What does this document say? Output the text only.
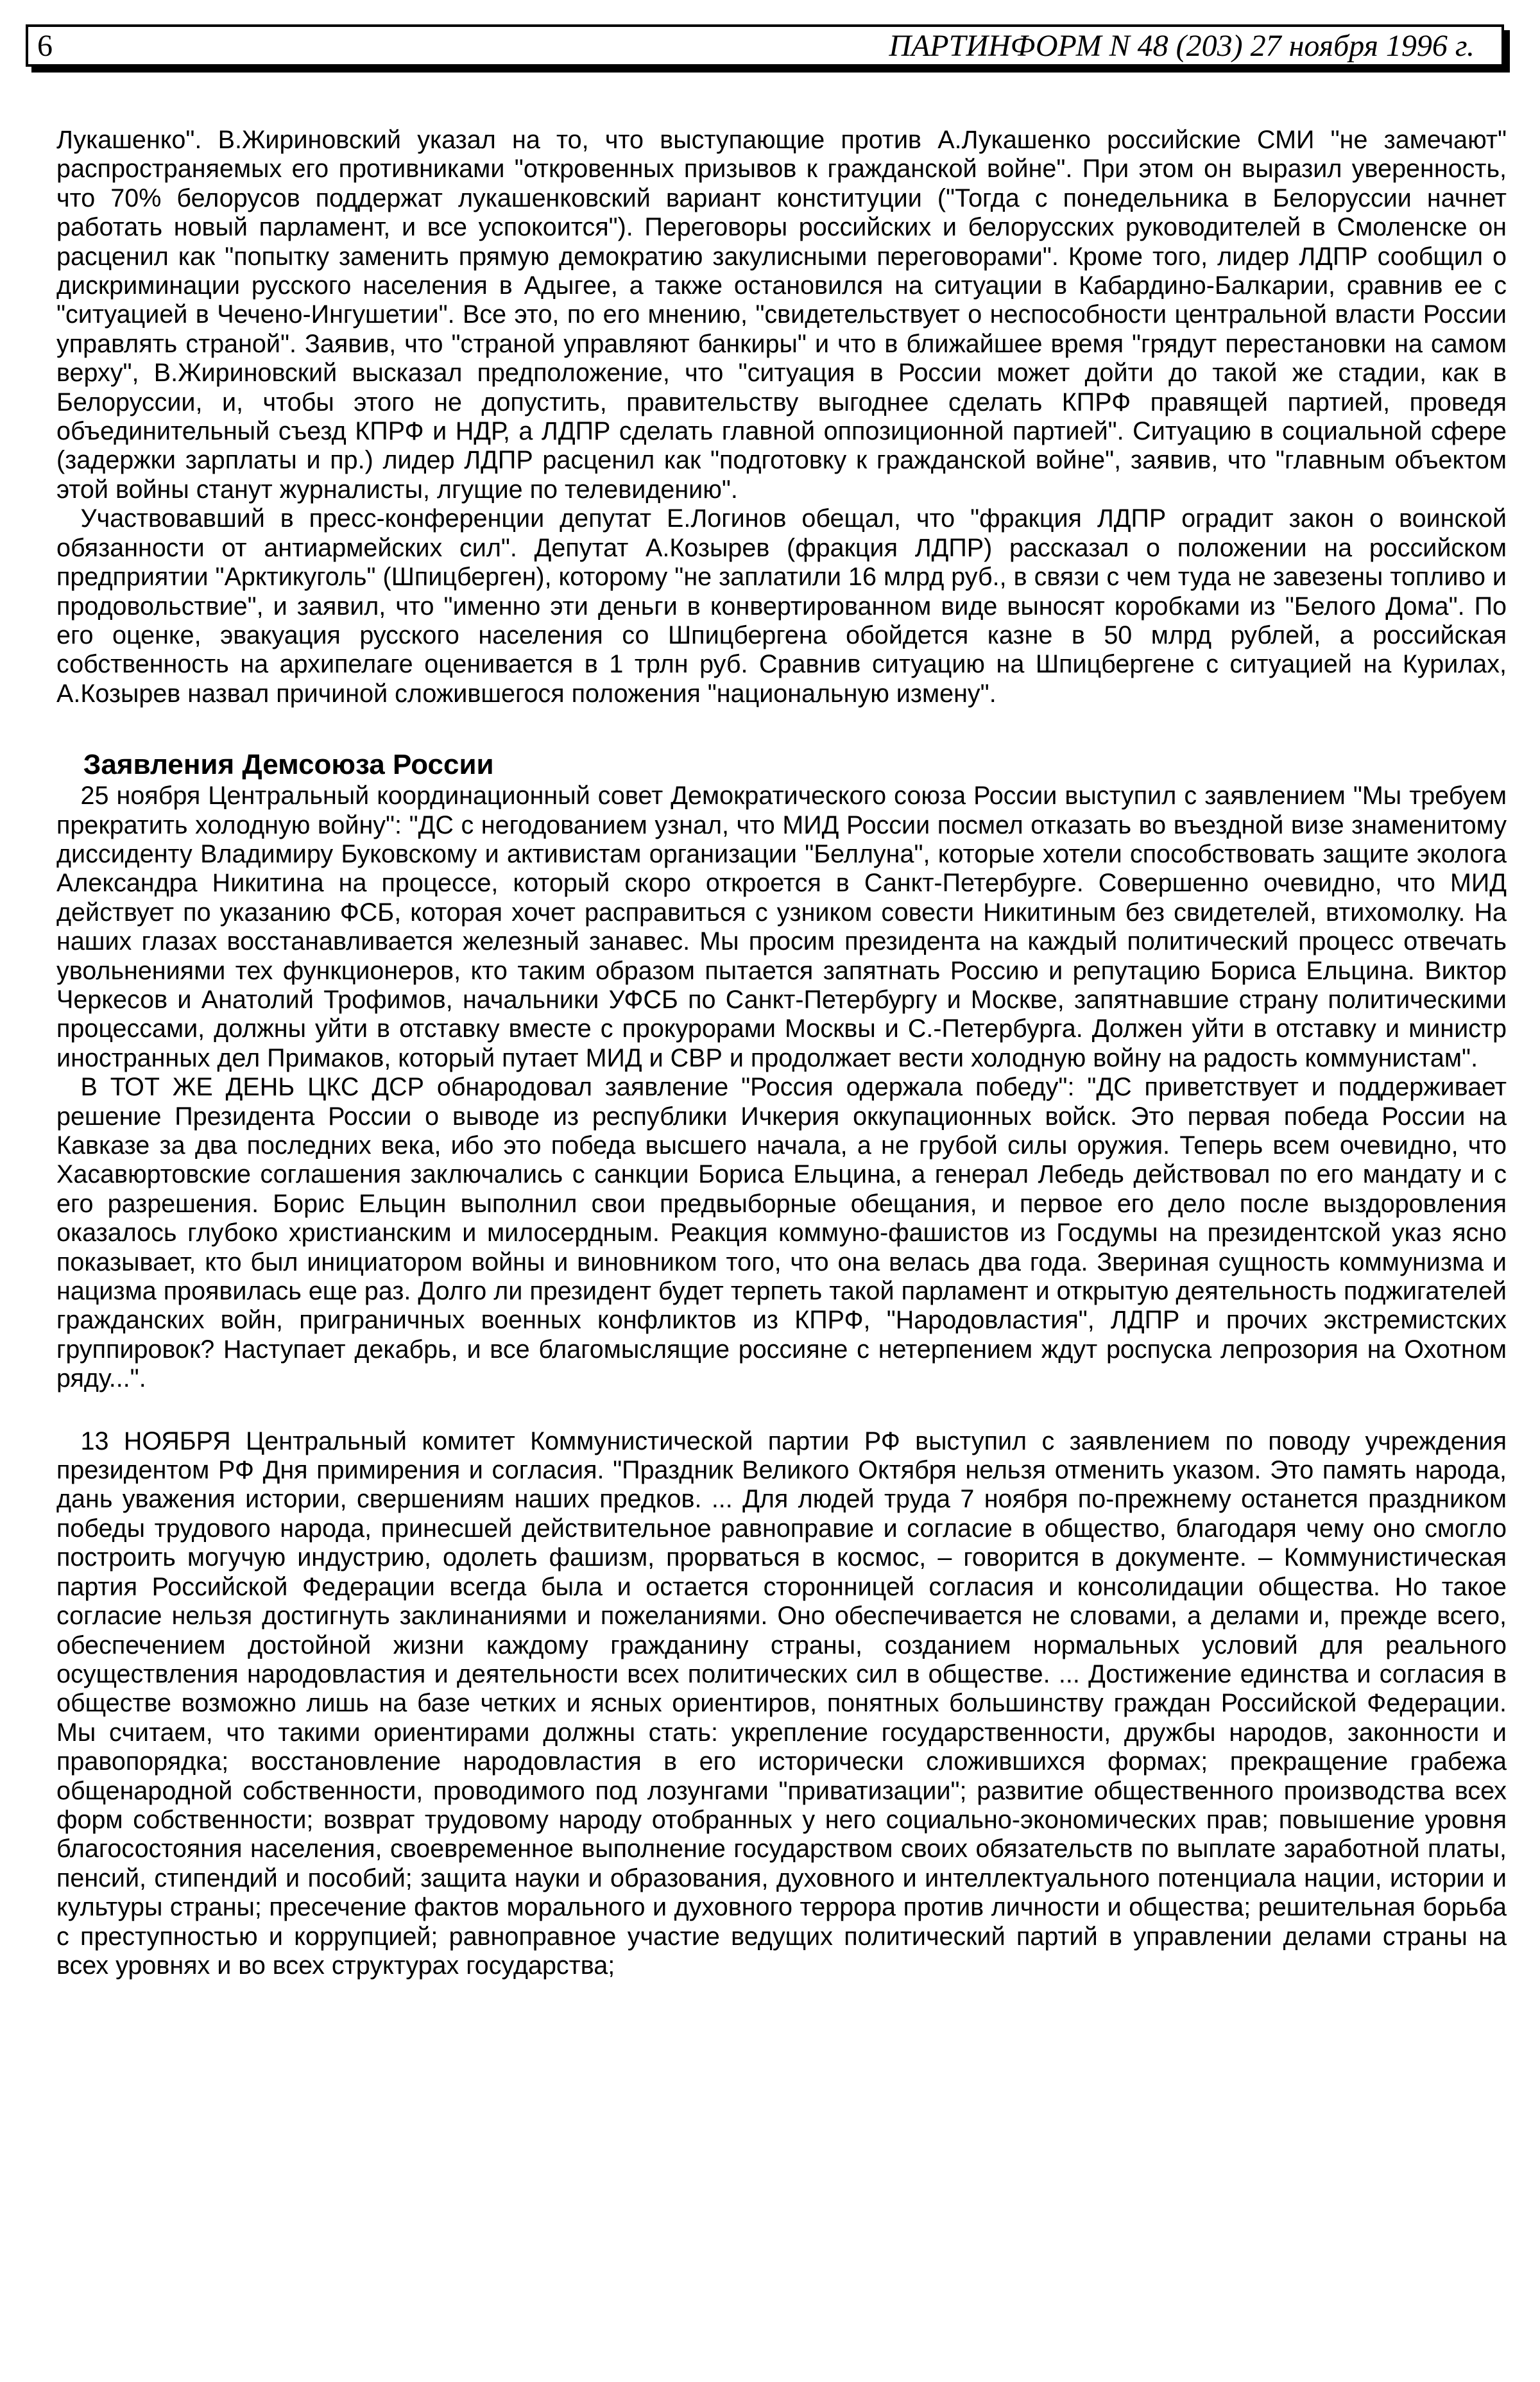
6	ПАРТИНФОРМ N 48 (203) 27 ноября 1996 г.

Лукашенко". В.Жириновский указал на то, что выступающие против А.Лукашенко российские СМИ "не замечают" распространяемых его противниками "откровенных призывов к гражданской войне". При этом он выразил уверенность, что 70% белорусов поддержат лукашенковский вариант конституции ("Тогда с понедельника в Белоруссии начнет работать новый парламент, и все успокоится"). Переговоры российских и белорусских руководителей в Смоленске он расценил как "попытку заменить прямую демократию закулисными переговорами". Кроме того, лидер ЛДПР сообщил о дискриминации русского населения в Адыгее, а также остановился на ситуации в Кабардино-Балкарии, сравнив ее с "ситуацией в Чечено-Ингушетии". Все это, по его мнению, "свидетельствует о неспособности центральной власти России управлять страной". Заявив, что "страной управляют банкиры" и что в ближайшее время "грядут перестановки на самом верху", В.Жириновский высказал предположение, что "ситуация в России может дойти до такой же стадии, как в Белоруссии, и, чтобы этого не допустить, правительству выгоднее сделать КПРФ правящей партией, проведя объединительный съезд КПРФ и НДР, а ЛДПР сделать главной оппозиционной партией". Ситуацию в социальной сфере (задержки зарплаты и пр.) лидер ЛДПР расценил как "подготовку к гражданской войне", заявив, что "главным объектом этой войны станут журналисты, лгущие по телевидению".

Участвовавший в пресс-конференции депутат Е.Логинов обещал, что "фракция ЛДПР оградит закон о воинской обязанности от антиармейских сил". Депутат А.Козырев (фракция ЛДПР) рассказал о положении на российском предприятии "Арктикуголь" (Шпицберген), которому "не заплатили 16 млрд руб., в связи с чем туда не завезены топливо и продовольствие", и заявил, что "именно эти деньги в конвертированном виде выносят коробками из "Белого Дома". По его оценке, эвакуация русского населения со Шпицбергена обойдется казне в 50 млрд рублей, а российская собственность на архипелаге оценивается в 1 трлн руб. Сравнив ситуацию на Шпицбергене с ситуацией на Курилах, А.Козырев назвал причиной сложившегося положения "национальную измену".

Заявления Демсоюза России

25 ноября Центральный координационный совет Демократического союза России выступил с заявлением "Мы требуем прекратить холодную войну": "ДС с негодованием узнал, что МИД России посмел отказать во въездной визе знаменитому диссиденту Владимиру Буковскому и активистам организации "Беллуна", которые хотели способствовать защите эколога Александра Никитина на процессе, который скоро откроется в Санкт-Петербурге. Совершенно очевидно, что МИД действует по указанию ФСБ, которая хочет расправиться с узником совести Никитиным без свидетелей, втихомолку. На наших глазах восстанавливается железный занавес. Мы просим президента на каждый политический процесс отвечать увольнениями тех функционеров, кто таким образом пытается запятнать Россию и репутацию Бориса Ельцина. Виктор Черкесов и Анатолий Трофимов, начальники УФСБ по Санкт-Петербургу и Москве, запятнавшие страну политическими процессами, должны уйти в отставку вместе с прокурорами Москвы и С.-Петербурга. Должен уйти в отставку и министр иностранных дел Примаков, который путает МИД и СВР и продолжает вести холодную войну на радость коммунистам".

В ТОТ ЖЕ ДЕНЬ ЦКС ДСР обнародовал заявление "Россия одержала победу": "ДС приветствует и поддерживает решение Президента России о выводе из республики Ичкерия оккупационных войск. Это первая победа России на Кавказе за два последних века, ибо это победа высшего начала, а не грубой силы оружия. Теперь всем очевидно, что Хасавюртовские соглашения заключались с санкции Бориса Ельцина, а генерал Лебедь действовал по его мандату и с его разрешения. Борис Ельцин выполнил свои предвыборные обещания, и первое его дело после выздоровления оказалось глубоко христианским и милосердным. Реакция коммуно-фашистов из Госдумы на президентской указ ясно показывает, кто был инициатором войны и виновником того, что она велась два года. Звериная сущность коммунизма и нацизма проявилась еще раз. Долго ли президент будет терпеть такой парламент и открытую деятельность поджигателей гражданских войн, приграничных военных конфликтов из КПРФ, "Народовластия", ЛДПР и прочих экстремистских группировок? Наступает декабрь, и все благомыслящие россияне с нетерпением ждут роспуска лепрозория на Охотном ряду...".

13 НОЯБРЯ Центральный комитет Коммунистической партии РФ выступил с заявлением по поводу учреждения президентом РФ Дня примирения и согласия. "Праздник Великого Октября нельзя отменить указом. Это память народа, дань уважения истории, свершениям наших предков. ... Для людей труда 7 ноября по-прежнему останется праздником победы трудового народа, принесшей действительное равноправие и согласие в общество, благодаря чему оно смогло построить могучую индустрию, одолеть фашизм, прорваться в космос, – говорится в документе. – Коммунистическая партия Российской Федерации всегда была и остается сторонницей согласия и консолидации общества. Но такое согласие нельзя достигнуть заклинаниями и пожеланиями. Оно обеспечивается не словами, а делами и, прежде всего, обеспечением достойной жизни каждому гражданину страны, созданием нормальных условий для реального осуществления народовластия и деятельности всех политических сил в обществе. ... Достижение единства и согласия в обществе возможно лишь на базе четких и ясных ориентиров, понятных большинству граждан Российской Федерации. Мы считаем, что такими ориентирами должны стать: укрепление государственности, дружбы народов, законности и правопорядка; восстановление народовластия в его исторически сложившихся формах; прекращение грабежа общенародной собственности, проводимого под лозунгами "приватизации"; развитие общественного производства всех форм собственности; возврат трудовому народу отобранных у него социально-экономических прав; повышение уровня благосостояния населения, своевременное выполнение государством своих обязательств по выплате заработной платы, пенсий, стипендий и пособий; защита науки и образования, духовного и интеллектуального потенциала нации, истории и культуры страны; пресечение фактов морального и духовного террора против личности и общества; решительная борьба с преступностью и коррупцией; равноправное участие ведущих политический партий в управлении делами страны на всех уровнях и во всех структурах государства;
